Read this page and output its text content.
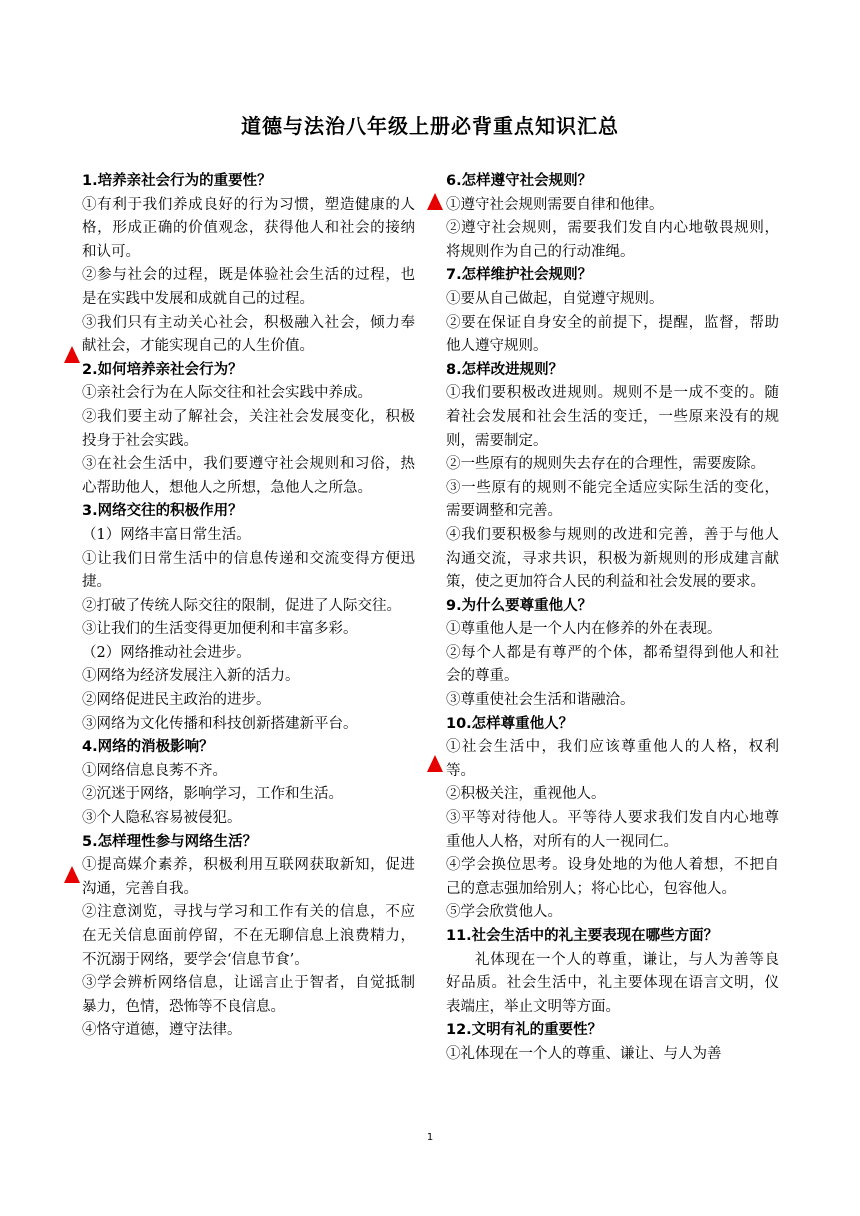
道德与法治八年级上册必背重点知识汇总

1.培养亲社会行为的重要性？

①有利于我们养成良好的行为习惯，塑造健康的人格，形成正确的价值观念，获得他人和社会的接纳和认可。

②参与社会的过程，既是体验社会生活的过程，也是在实践中发展和成就自己的过程。

③我们只有主动关心社会，积极融入社会，倾力奉献社会，才能实现自己的人生价值。

2.如何培养亲社会行为？

①亲社会行为在人际交往和社会实践中养成。

②我们要主动了解社会，关注社会发展变化，积极投身于社会实践。

③在社会生活中，我们要遵守社会规则和习俗，热心帮助他人，想他人之所想，急他人之所急。

3.网络交往的积极作用？

（1）网络丰富日常生活。

①让我们日常生活中的信息传递和交流变得方便迅捷。

②打破了传统人际交往的限制，促进了人际交往。

③让我们的生活变得更加便利和丰富多彩。

（2）网络推动社会进步。

①网络为经济发展注入新的活力。

②网络促进民主政治的进步。

③网络为文化传播和科技创新搭建新平台。

4.网络的消极影响？

①网络信息良莠不齐。

②沉迷于网络，影响学习，工作和生活。

③个人隐私容易被侵犯。

5.怎样理性参与网络生活？

①提高媒介素养，积极利用互联网获取新知，促进沟通，完善自我。

②注意浏览，寻找与学习和工作有关的信息，不应在无关信息面前停留，不在无聊信息上浪费精力，不沉溺于网络，要学会‘信息节食’。

③学会辨析网络信息，让谣言止于智者，自觉抵制暴力，色情，恐怖等不良信息。

④恪守道德，遵守法律。

6.怎样遵守社会规则？

①遵守社会规则需要自律和他律。

②遵守社会规则，需要我们发自内心地敬畏规则，将规则作为自己的行动准绳。

7.怎样维护社会规则？

①要从自己做起，自觉遵守规则。

②要在保证自身安全的前提下，提醒，监督，帮助他人遵守规则。

8.怎样改进规则？

①我们要积极改进规则。规则不是一成不变的。随着社会发展和社会生活的变迁，一些原来没有的规则，需要制定。

②一些原有的规则失去存在的合理性，需要废除。

③一些原有的规则不能完全适应实际生活的变化，需要调整和完善。

④我们要积极参与规则的改进和完善，善于与他人沟通交流，寻求共识，积极为新规则的形成建言献策，使之更加符合人民的利益和社会发展的要求。

9.为什么要尊重他人？

①尊重他人是一个人内在修养的外在表现。

②每个人都是有尊严的个体，都希望得到他人和社会的尊重。

③尊重使社会生活和谐融洽。

10.怎样尊重他人？

①社会生活中，我们应该尊重他人的人格，权利等。

②积极关注，重视他人。

③平等对待他人。平等待人要求我们发自内心地尊重他人人格，对所有的人一视同仁。

④学会换位思考。设身处地的为他人着想，不把自己的意志强加给别人；将心比心，包容他人。

⑤学会欣赏他人。

11.社会生活中的礼主要表现在哪些方面？

礼体现在一个人的尊重，谦让，与人为善等良好品质。社会生活中，礼主要体现在语言文明，仪表端庄，举止文明等方面。

12.文明有礼的重要性？

①礼体现在一个人的尊重、谦让、与人为善

1
